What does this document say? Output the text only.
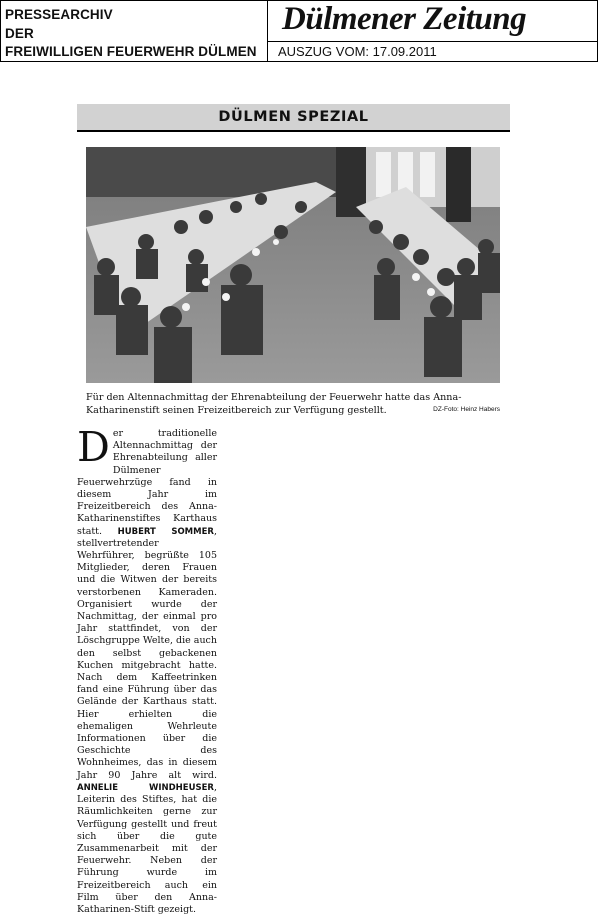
PRESSEARCHIV
DER
FREIWILLIGEN FEUERWEHR DÜLMEN
Dülmener Zeitung
AUSZUG VOM: 17.09.2011
DÜLMEN SPEZIAL
Für den Altennachmittag der Ehrenabteilung der Feuerwehr hatte das Anna-Katharinenstift seinen Freizeitbereich zur Verfügung gestellt.	DZ-Foto: Heinz Habers
Der traditionelle Altennachmittag der Ehrenabteilung aller Dülmener Feuerwehrzüge fand in diesem Jahr im Freizeitbereich des Anna-Katharinenstiftes Karthaus statt. HUBERT SOMMER, stellvertretender Wehrführer, begrüßte 105 Mitglieder, deren Frauen und die Witwen der bereits verstorbenen Kameraden. Organisiert wurde der Nachmittag, der einmal pro Jahr stattfindet, von der Löschgruppe Welte, die auch den selbst gebackenen Kuchen mitgebracht hatte. Nach dem Kaffeetrinken fand eine Führung über das Gelände der Karthaus statt. Hier erhielten die ehemaligen Wehrleute Informationen über die Geschichte des Wohnheimes, das in diesem Jahr 90 Jahre alt wird. ANNELIE WINDHEUSER, Leiterin des Stiftes, hat die Räumlichkeiten gerne zur Verfügung gestellt und freut sich über die gute Zusammenarbeit mit der Feuerwehr. Neben der Führung wurde im Freizeitbereich auch ein Film über den Anna-Katharinen-Stift gezeigt.
